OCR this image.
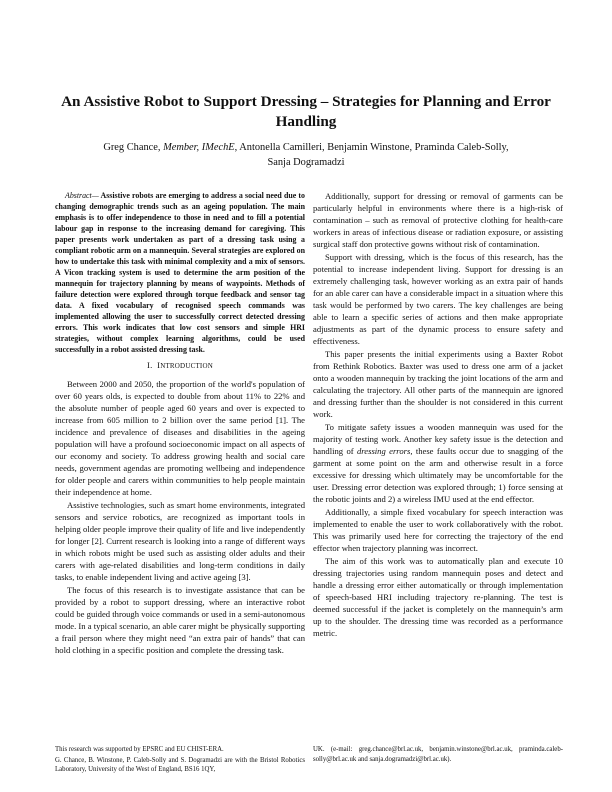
An Assistive Robot to Support Dressing – Strategies for Planning and Error Handling
Greg Chance, Member, IMechE, Antonella Camilleri, Benjamin Winstone, Praminda Caleb-Solly,
Sanja Dogramadzi

Abstract— Assistive robots are emerging to address a social need due to changing demographic trends such as an ageing population. The main emphasis is to offer independence to those in need and to fill a potential labour gap in response to the increasing demand for caregiving. This paper presents work undertaken as part of a dressing task using a compliant robotic arm on a mannequin. Several strategies are explored on how to undertake this task with minimal complexity and a mix of sensors. A Vicon tracking system is used to determine the arm position of the mannequin for trajectory planning by means of waypoints. Methods of failure detection were explored through torque feedback and sensor tag data. A fixed vocabulary of recognised speech commands was implemented allowing the user to successfully correct detected dressing errors. This work indicates that low cost sensors and simple HRI strategies, without complex learning algorithms, could be used successfully in a robot assisted dressing task.

I. INTRODUCTION

Between 2000 and 2050, the proportion of the world's population of over 60 years olds, is expected to double from about 11% to 22% and the absolute number of people aged 60 years and over is expected to increase from 605 million to 2 billion over the same period [1]. The incidence and prevalence of diseases and disabilities in the ageing population will have a profound socioeconomic impact on all aspects of our economy and society. To address growing health and social care needs, government agendas are promoting wellbeing and independence for older people and carers within communities to help people maintain their independence at home.

Assistive technologies, such as smart home environments, integrated sensors and service robotics, are recognized as important tools in helping older people improve their quality of life and live independently for longer [2]. Current research is looking into a range of different ways in which robots might be used such as assisting older adults and their carers with age-related disabilities and long-term conditions in daily tasks, to enable independent living and active ageing [3].

The focus of this research is to investigate assistance that can be provided by a robot to support dressing, where an interactive robot could be guided through voice commands or used in a semi-autonomous mode. In a typical scenario, an able carer might be physically supporting a frail person where they might need “an extra pair of hands” that can hold clothing in a specific position and complete the dressing task.

Additionally, support for dressing or removal of garments can be particularly helpful in environments where there is a high-risk of contamination – such as removal of protective clothing for health-care workers in areas of infectious disease or radiation exposure, or assisting surgical staff don protective gowns without risk of contamination.

Support with dressing, which is the focus of this research, has the potential to increase independent living. Support for dressing is an extremely challenging task, however working as an extra pair of hands for an able carer can have a considerable impact in a situation where this task would be performed by two carers. The key challenges are being able to learn a specific series of actions and then make appropriate adjustments as part of the dynamic process to ensure safety and effectiveness.

This paper presents the initial experiments using a Baxter Robot from Rethink Robotics. Baxter was used to dress one arm of a jacket onto a wooden mannequin by tracking the joint locations of the arm and calculating the trajectory. All other parts of the mannequin are ignored and dressing further than the shoulder is not considered in this current work.

To mitigate safety issues a wooden mannequin was used for the majority of testing work. Another key safety issue is the detection and handling of dressing errors, these faults occur due to snagging of the garment at some point on the arm and otherwise result in a force excessive for dressing which ultimately may be uncomfortable for the user. Dressing error detection was explored through; 1) force sensing at the robotic joints and 2) a wireless IMU used at the end effector.

Additionally, a simple fixed vocabulary for speech interaction was implemented to enable the user to work collaboratively with the robot. This was primarily used here for correcting the trajectory of the end effector when trajectory planning was incorrect.

The aim of this work was to automatically plan and execute 10 dressing trajectories using random mannequin poses and detect and handle a dressing error either automatically or through implementation of speech-based HRI including trajectory re-planning. The test is deemed successful if the jacket is completely on the mannequin’s arm up to the shoulder. The dressing time was recorded as a performance metric.

This research was supported by EPSRC and EU CHIST-ERA.

G. Chance, B. Winstone, P. Caleb-Solly and S. Dogramadzi are with the Bristol Robotics Laboratory, University of the West of England, BS16 1QY,

UK. (e-mail: greg.chance@brl.ac.uk, benjamin.winstone@brl.ac.uk, praminda.caleb-solly@brl.ac.uk and sanja.dogramadzi@brl.ac.uk).
